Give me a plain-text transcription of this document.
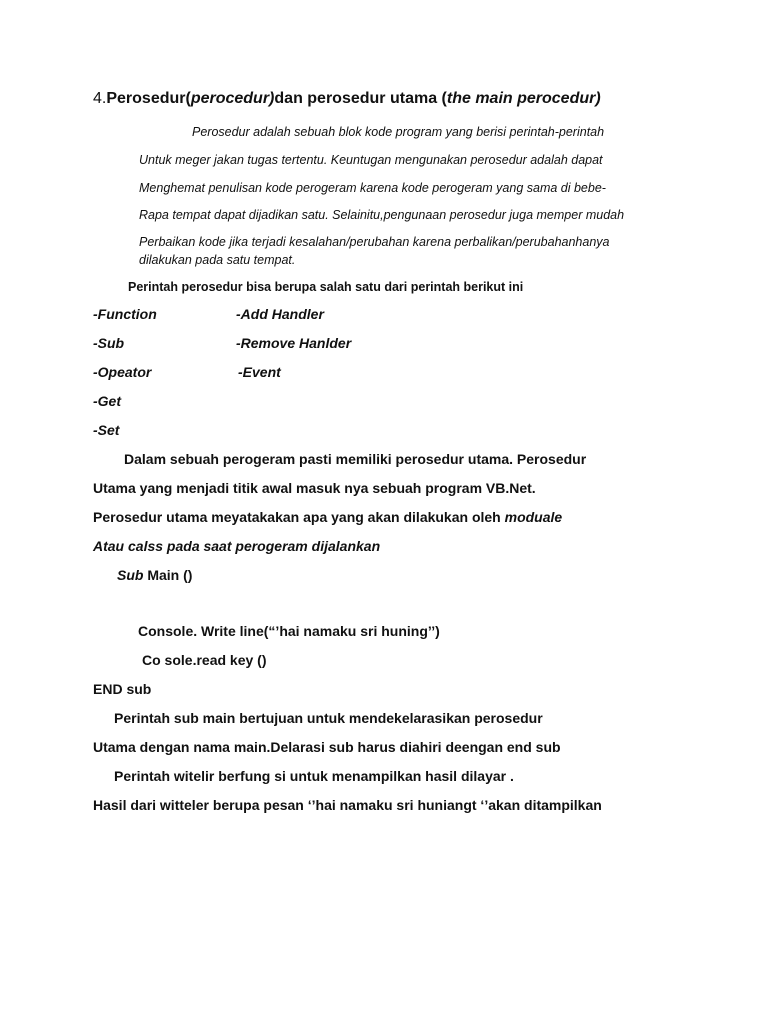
4.Perosedur(perocedur)dan perosedur utama (the main perocedur)
Perosedur adalah sebuah blok kode program yang berisi perintah-perintah
Untuk meger jakan tugas tertentu. Keuntugan mengunakan perosedur adalah dapat
Menghemat penulisan kode perogeram karena kode perogeram yang sama di bebe-
Rapa tempat dapat dijadikan satu. Selainitu,pengunaan perosedur juga memper mudah
Perbaikan kode jika terjadi kesalahan/perubahan karena perbalikan/perubahanhanya
dilakukan pada satu tempat.
Perintah perosedur bisa berupa salah satu dari perintah berikut ini
-Function	-Add Handler
-Sub	-Remove Hanlder
-Opeator	-Event
-Get
-Set
Dalam sebuah perogeram pasti memiliki perosedur utama. Perosedur
Utama yang menjadi titik awal masuk nya sebuah program VB.Net.
Perosedur utama meyatakakan apa yang akan dilakukan oleh moduale
Atau calss pada saat perogeram dijalankan
Sub Main ()
Console. Write line(“’hai namaku sri huning’’)
Co sole.read key ()
END sub
Perintah sub main bertujuan untuk mendekelarasikan perosedur
Utama dengan nama main.Delarasi sub harus diahiri deengan end sub
Perintah witelir berfung si untuk menampilkan hasil dilayar .
Hasil dari witteler berupa pesan ‘’hai namaku sri huniangt ‘’akan ditampilkan
